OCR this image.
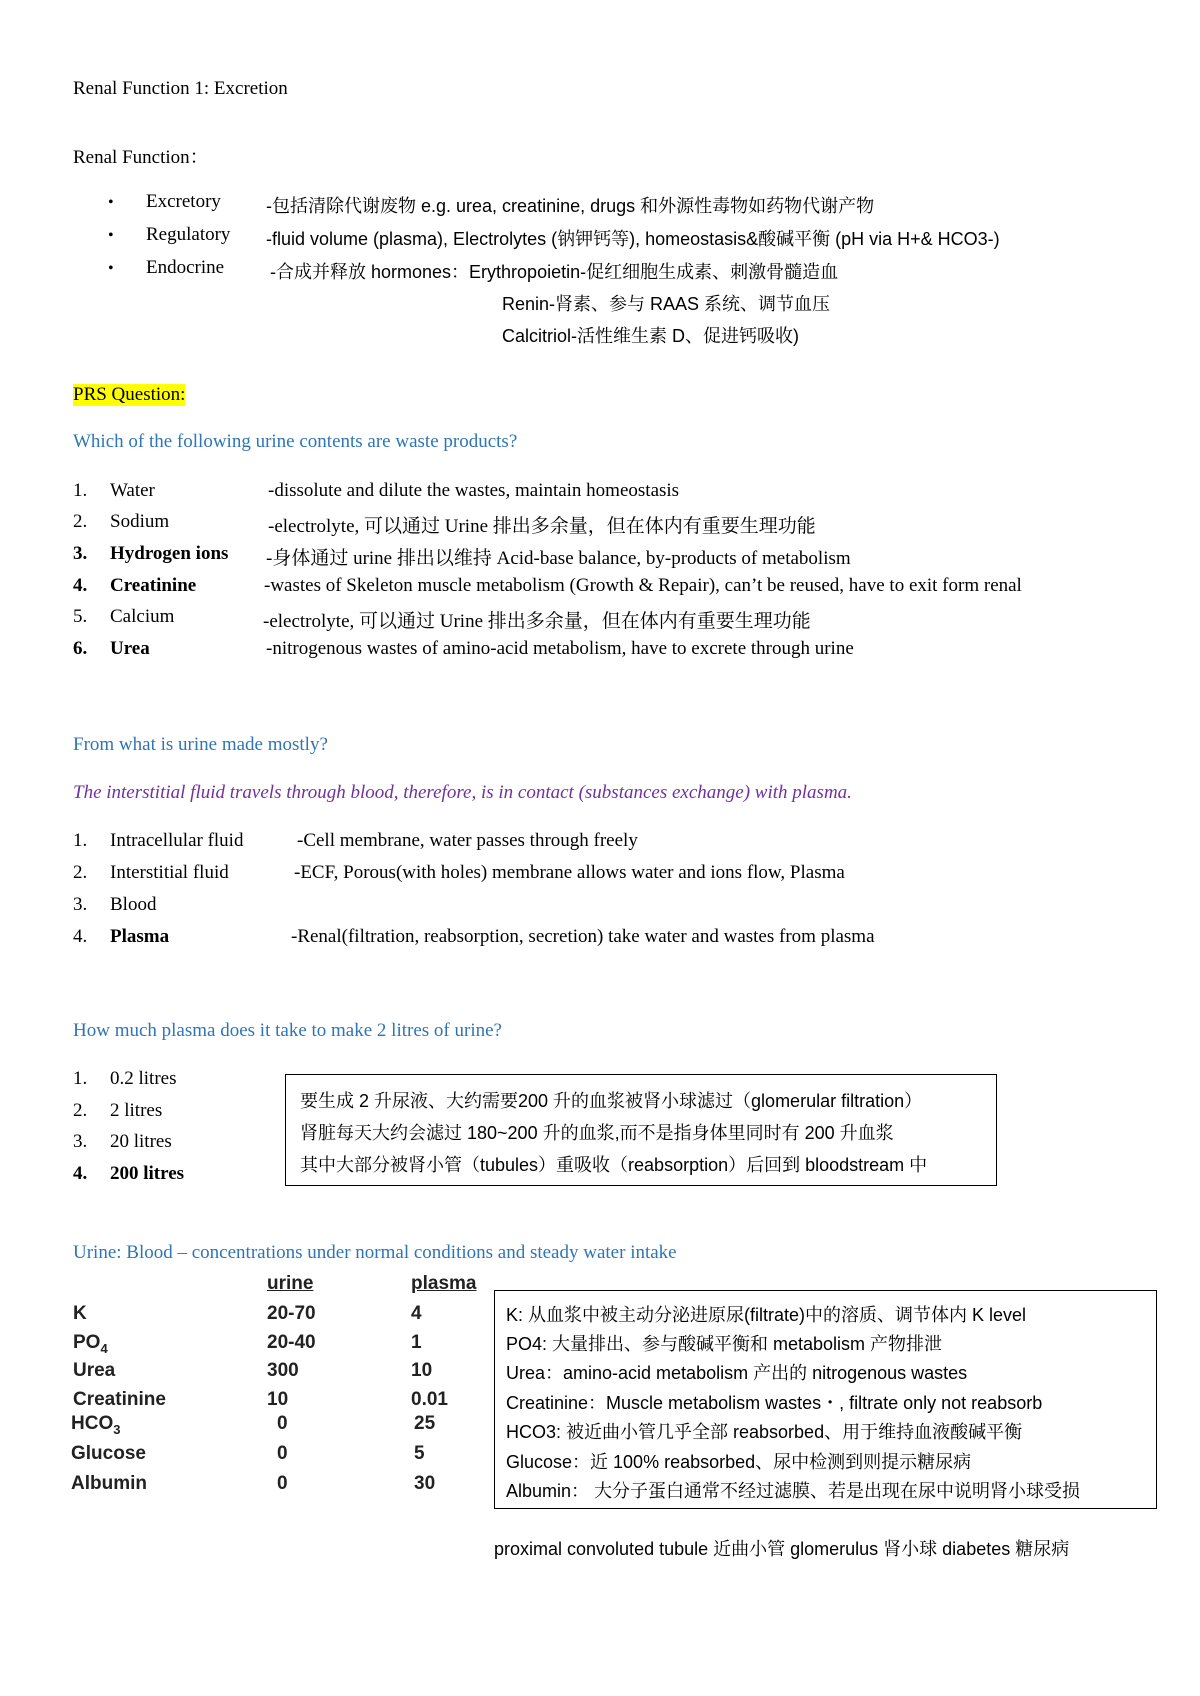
Renal Function 1: Excretion
Renal Function：
• Excretory	-包括清除代谢废物 e.g. urea, creatinine, drugs 和外源性毒物如药物代谢产物
• Regulatory -fluid volume (plasma), Electrolytes (钠钾钙等), homeostasis&酸碱平衡 (pH via H+& HCO3-)
• Endocrine	-合成并释放 hormones：Erythropoietin-促红细胞生成素、刺激骨髓造血
Renin-肾素、参与 RAAS 系统、调节血压
Calcitriol-活性维生素 D、促进钙吸收)
PRS Question:
Which of the following urine contents are waste products?
1. Water	-dissolute and dilute the wastes, maintain homeostasis
2. Sodium	-electrolyte, 可以通过 Urine 排出多余量，但在体内有重要生理功能
3. Hydrogen ions -身体通过 urine 排出以维持 Acid-base balance, by-products of metabolism
4. Creatinine	-wastes of Skeleton muscle metabolism (Growth & Repair), can’t be reused, have to exit form renal
5. Calcium	-electrolyte, 可以通过 Urine 排出多余量，但在体内有重要生理功能
6. Urea	-nitrogenous wastes of amino-acid metabolism, have to excrete through urine
From what is urine made mostly?
The interstitial fluid travels through blood, therefore, is in contact (substances exchange) with plasma.
1. Intracellular fluid	-Cell membrane, water passes through freely
2. Interstitial fluid	-ECF, Porous(with holes) membrane allows water and ions flow, Plasma
3. Blood
4. Plasma	-Renal(filtration, reabsorption, secretion) take water and wastes from plasma
How much plasma does it take to make 2 litres of urine?
1. 0.2 litres
2. 2 litres
3. 20 litres
4. 200 litres
要生成 2 升尿液、大约需要200 升的血浆被肾小球滤过（glomerular filtration）
肾脏每天大约会滤过 180~200 升的血浆,而不是指身体里同时有 200 升血浆
其中大部分被肾小管（tubules）重吸收（reabsorption）后回到 bloodstream 中
Urine: Blood – concentrations under normal conditions and steady water intake
urine	plasma
K	20-70	4
$PO_4$	20-40	1
Urea	300	10
Creatinine	10	0.01
$HCO_3$	0	25
Glucose	0	5
Albumin	0	30
K: 从血浆中被主动分泌进原尿(filtrate)中的溶质、调节体内 K level
PO4: 大量排出、参与酸碱平衡和 metabolism 产物排泄
Urea：amino-acid metabolism 产出的 nitrogenous wastes
Creatinine：Muscle metabolism wastes・, filtrate only not reabsorb
HCO3: 被近曲小管几乎全部 reabsorbed、用于维持血液酸碱平衡
Glucose：近 100% reabsorbed、尿中检测到则提示糖尿病
Albumin： 大分子蛋白通常不经过滤膜、若是出现在尿中说明肾小球受损
proximal convoluted tubule 近曲小管 glomerulus 肾小球 diabetes 糖尿病
